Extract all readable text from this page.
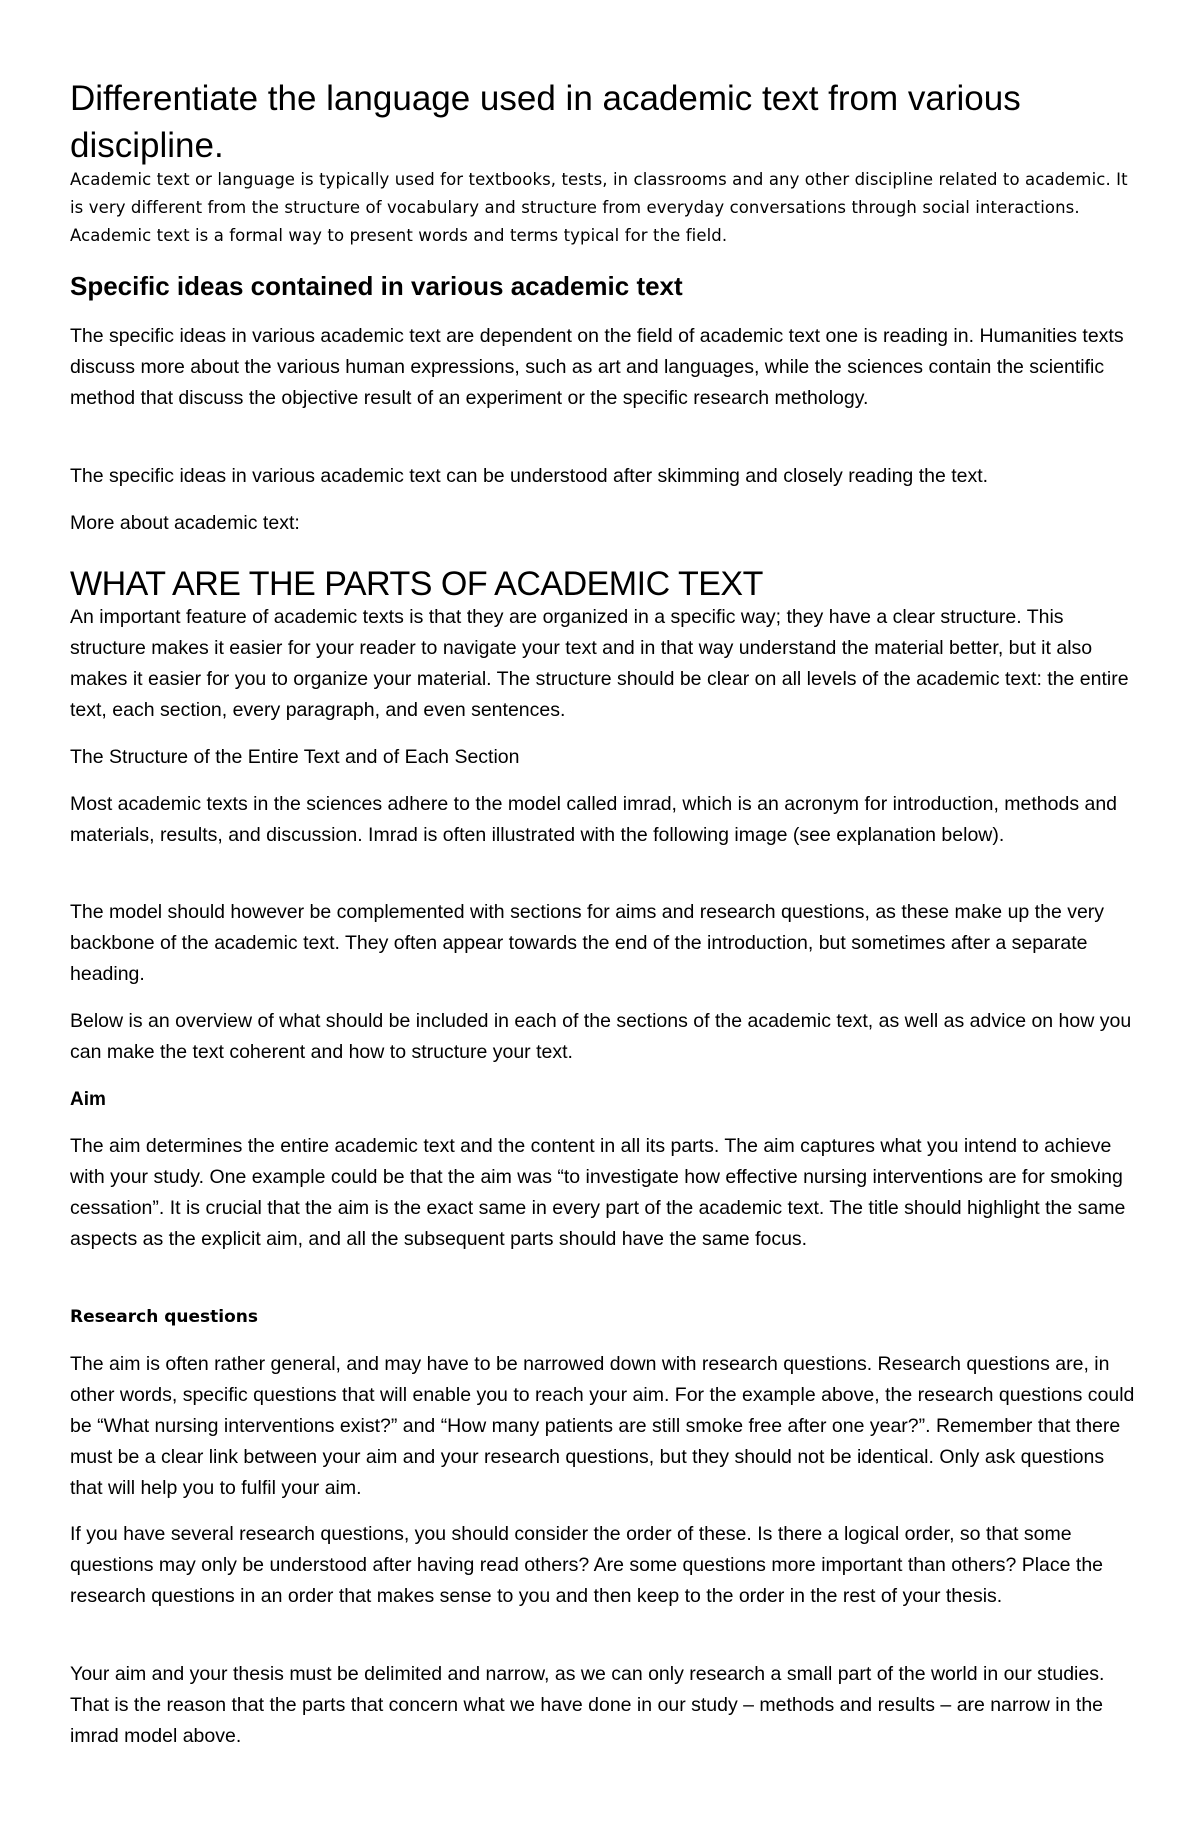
Differentiate the language used in academic text from various discipline.

Academic text or language is typically used for textbooks, tests, in classrooms and any other discipline related to academic. It is very different from the structure of vocabulary and structure from everyday conversations through social interactions. Academic text is a formal way to present words and terms typical for the field.

Specific ideas contained in various academic text

The specific ideas in various academic text are dependent on the field of academic text one is reading in. Humanities texts discuss more about the various human expressions, such as art and languages, while the sciences contain the scientific method that discuss the objective result of an experiment or the specific research methology.

The specific ideas in various academic text can be understood after skimming and closely reading the text.

More about academic text:

WHAT ARE THE PARTS OF ACADEMIC TEXT

An important feature of academic texts is that they are organized in a specific way; they have a clear structure. This structure makes it easier for your reader to navigate your text and in that way understand the material better, but it also makes it easier for you to organize your material. The structure should be clear on all levels of the academic text: the entire text, each section, every paragraph, and even sentences.

The Structure of the Entire Text and of Each Section

Most academic texts in the sciences adhere to the model called imrad, which is an acronym for introduction, methods and materials, results, and discussion. Imrad is often illustrated with the following image (see explanation below).

The model should however be complemented with sections for aims and research questions, as these make up the very backbone of the academic text. They often appear towards the end of the introduction, but sometimes after a separate heading.

Below is an overview of what should be included in each of the sections of the academic text, as well as advice on how you can make the text coherent and how to structure your text.

Aim

The aim determines the entire academic text and the content in all its parts. The aim captures what you intend to achieve with your study. One example could be that the aim was “to investigate how effective nursing interventions are for smoking cessation”. It is crucial that the aim is the exact same in every part of the academic text. The title should highlight the same aspects as the explicit aim, and all the subsequent parts should have the same focus.

Research questions

The aim is often rather general, and may have to be narrowed down with research questions. Research questions are, in other words, specific questions that will enable you to reach your aim. For the example above, the research questions could be “What nursing interventions exist?” and “How many patients are still smoke free after one year?”. Remember that there must be a clear link between your aim and your research questions, but they should not be identical. Only ask questions that will help you to fulfil your aim.

If you have several research questions, you should consider the order of these. Is there a logical order, so that some questions may only be understood after having read others? Are some questions more important than others? Place the research questions in an order that makes sense to you and then keep to the order in the rest of your thesis.

Your aim and your thesis must be delimited and narrow, as we can only research a small part of the world in our studies. That is the reason that the parts that concern what we have done in our study – methods and results – are narrow in the imrad model above.
